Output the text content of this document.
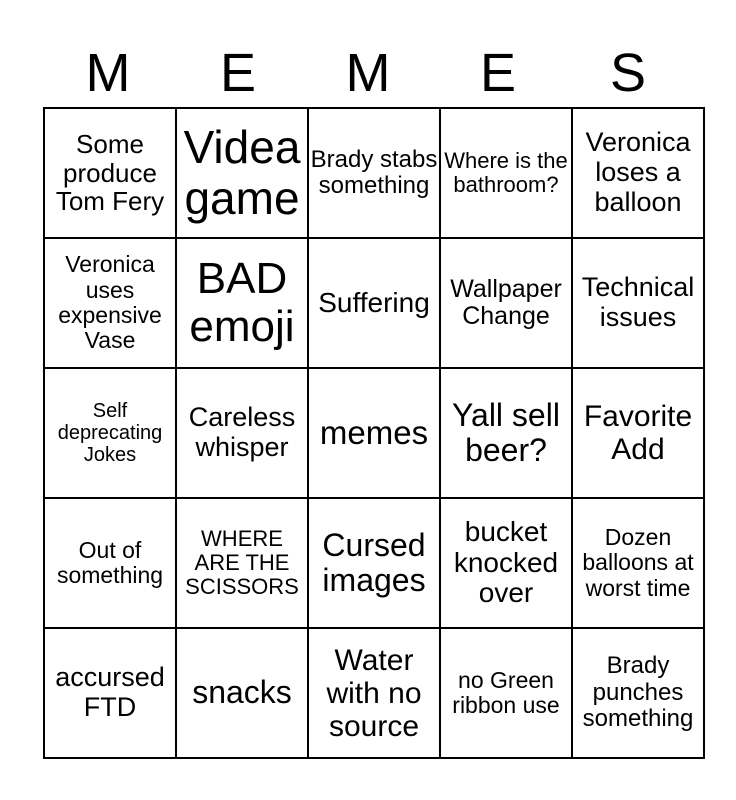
M	E	M	E	S
Some produce Tom Fery	Videa game	Brady stabs something	Where is the bathroom?	Veronica loses a balloon
Veronica uses expensive Vase	BAD emoji	Suffering	Wallpaper Change	Technical issues
Self deprecating Jokes	Careless whisper	memes	Yall sell beer?	Favorite Add
Out of something	WHERE ARE THE SCISSORS	Cursed images	bucket knocked over	Dozen balloons at worst time
accursed FTD	snacks	Water with no source	no Green ribbon use	Brady punches something
